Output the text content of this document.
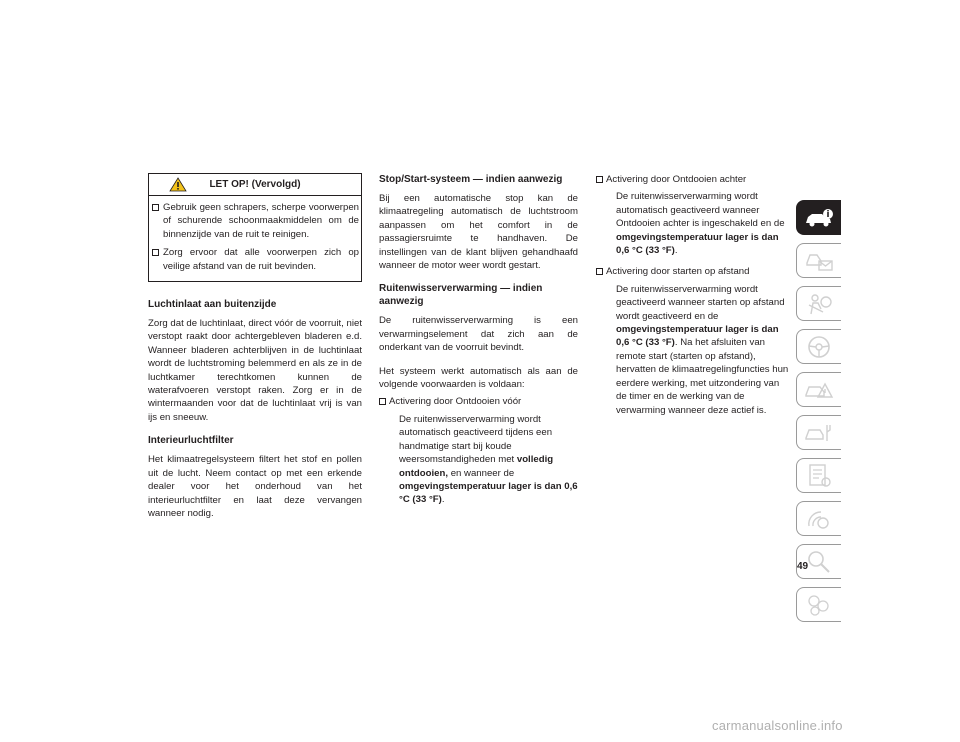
LET OP! (Vervolgd)
Gebruik geen schrapers, scherpe voorwerpen of schurende schoonmaakmiddelen om de binnenzijde van de ruit te reinigen.
Zorg ervoor dat alle voorwerpen zich op veilige afstand van de ruit bevinden.
Luchtinlaat aan buitenzijde

Zorg dat de luchtinlaat, direct vóór de voorruit, niet verstopt raakt door achtergebleven bladeren e.d. Wanneer bladeren achterblijven in de luchtinlaat wordt de luchtstroming belemmerd en als ze in de luchtkamer terechtkomen kunnen de waterafvoeren verstopt raken. Zorg er in de wintermaanden voor dat de luchtinlaat vrij is van ijs en sneeuw.

Interieurluchtfilter

Het klimaatregelsysteem filtert het stof en pollen uit de lucht. Neem contact op met een erkende dealer voor het onderhoud van het interieurluchtfilter en laat deze vervangen wanneer nodig.

Stop/Start-systeem — indien aanwezig

Bij een automatische stop kan de klimaatregeling automatisch de luchtstroom aanpassen om het comfort in de passagiersruimte te handhaven. De instellingen van de klant blijven gehandhaafd wanneer de motor weer wordt gestart.

Ruitenwisserverwarming — indien aanwezig

De ruitenwisserverwarming is een verwarmingselement dat zich aan de onderkant van de voorruit bevindt.

Het systeem werkt automatisch als aan de volgende voorwaarden is voldaan:

Activering door Ontdooien vóór
De ruitenwisserverwarming wordt automatisch geactiveerd tijdens een handmatige start bij koude weersomstandigheden met volledig ontdooien, en wanneer de omgevingstemperatuur lager is dan 0,6 °C (33 °F).
Activering door Ontdooien achter
De ruitenwisserverwarming wordt automatisch geactiveerd wanneer Ontdooien achter is ingeschakeld en de omgevingstemperatuur lager is dan 0,6 °C (33 °F).
Activering door starten op afstand
De ruitenwisserverwarming wordt geactiveerd wanneer starten op afstand wordt geactiveerd en de omgevingstemperatuur lager is dan 0,6 °C (33 °F). Na het afsluiten van remote start (starten op afstand), hervatten de klimaatregelingfuncties hun eerdere werking, met uitzondering van de timer en de werking van de verwarming wanneer deze actief is.
49
carmanualsonline.info
